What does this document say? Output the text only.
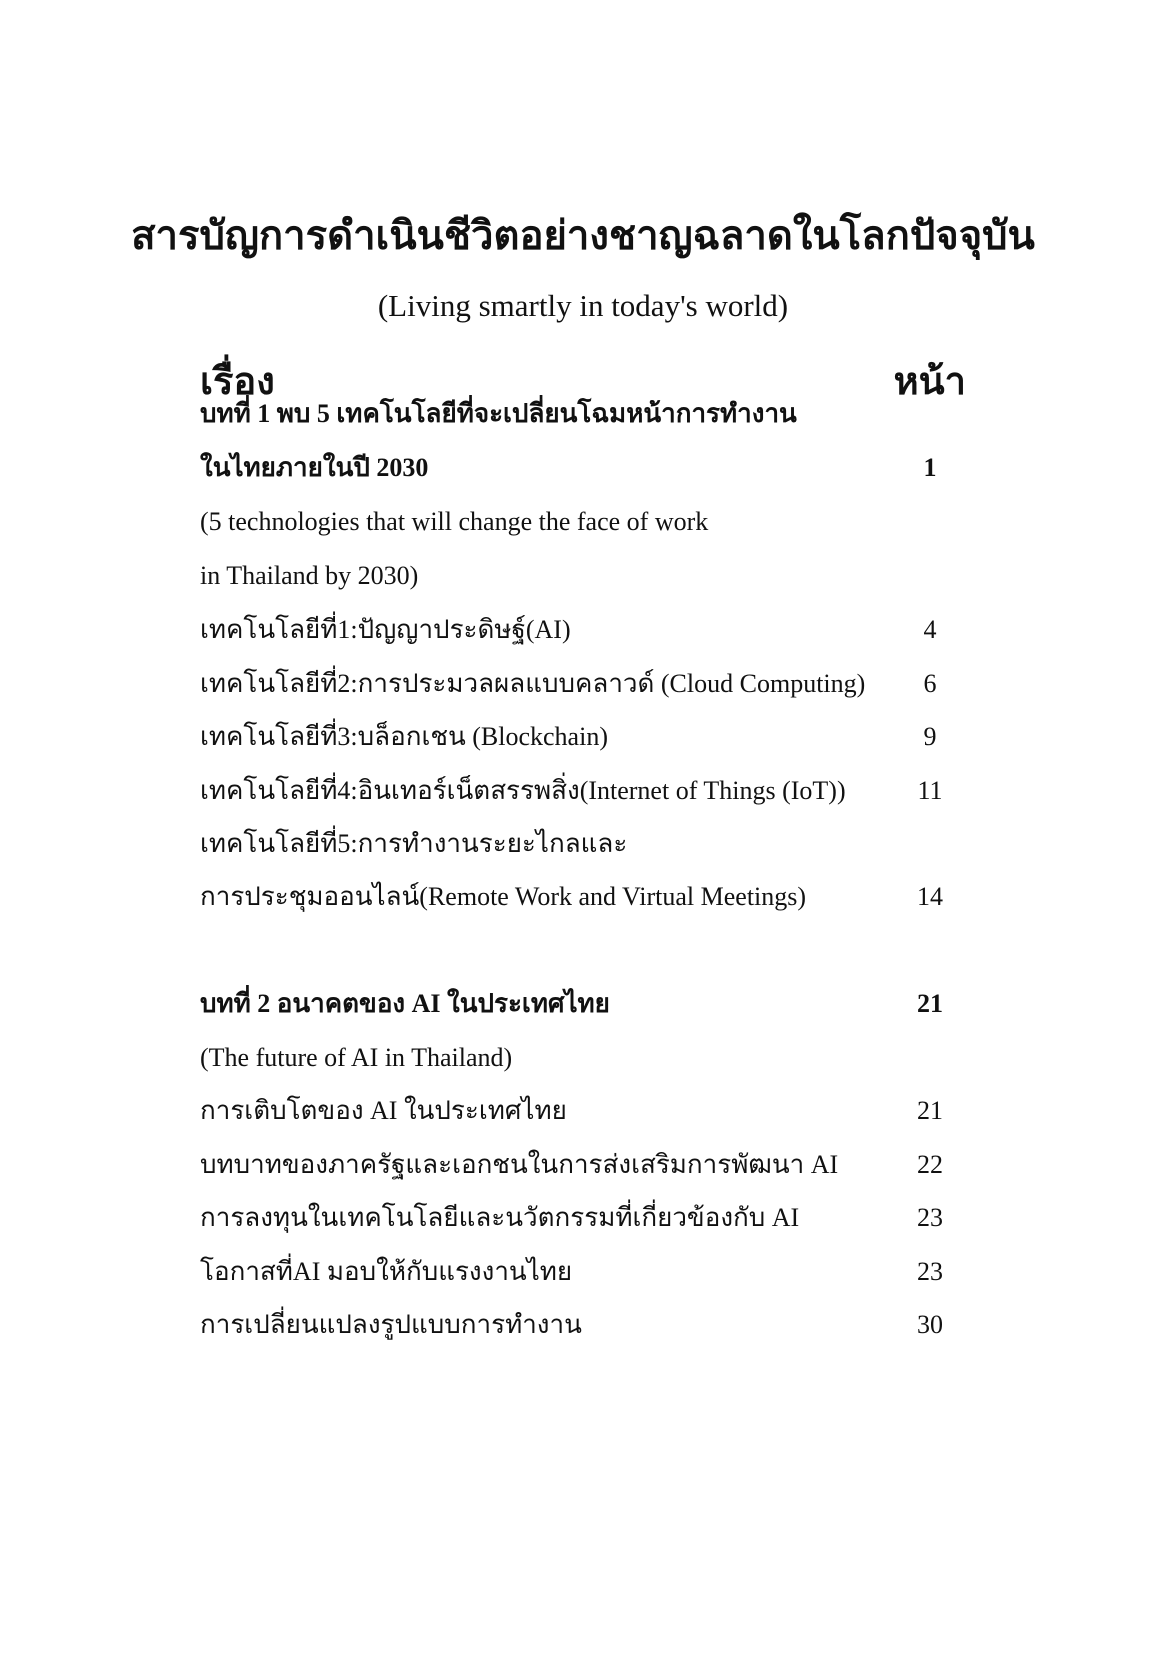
สารบัญการดำเนินชีวิตอย่างชาญฉลาดในโลกปัจจุบัน
(Living smartly in today's world)
เรื่อง	หน้า
บทที่ 1 พบ 5 เทคโนโลยีที่จะเปลี่ยนโฉมหน้าการทำงาน
ในไทยภายในปี 2030	1
(5 technologies that will change the face of work
in Thailand by 2030)
เทคโนโลยีที่1:ปัญญาประดิษฐ์(AI)	4
เทคโนโลยีที่2:การประมวลผลแบบคลาวด์ (Cloud Computing)	6
เทคโนโลยีที่3:บล็อกเชน (Blockchain)	9
เทคโนโลยีที่4:อินเทอร์เน็ตสรรพสิ่ง(Internet of Things (IoT))	11
เทคโนโลยีที่5:การทำงานระยะไกลและ
การประชุมออนไลน์(Remote Work and Virtual Meetings)	14
บทที่ 2 อนาคตของ AI ในประเทศไทย	21
(The future of AI in Thailand)
การเติบโตของ AI ในประเทศไทย	21
บทบาทของภาครัฐและเอกชนในการส่งเสริมการพัฒนา AI	22
การลงทุนในเทคโนโลยีและนวัตกรรมที่เกี่ยวข้องกับ AI	23
โอกาสที่AI มอบให้กับแรงงานไทย	23
การเปลี่ยนแปลงรูปแบบการทำงาน	30
